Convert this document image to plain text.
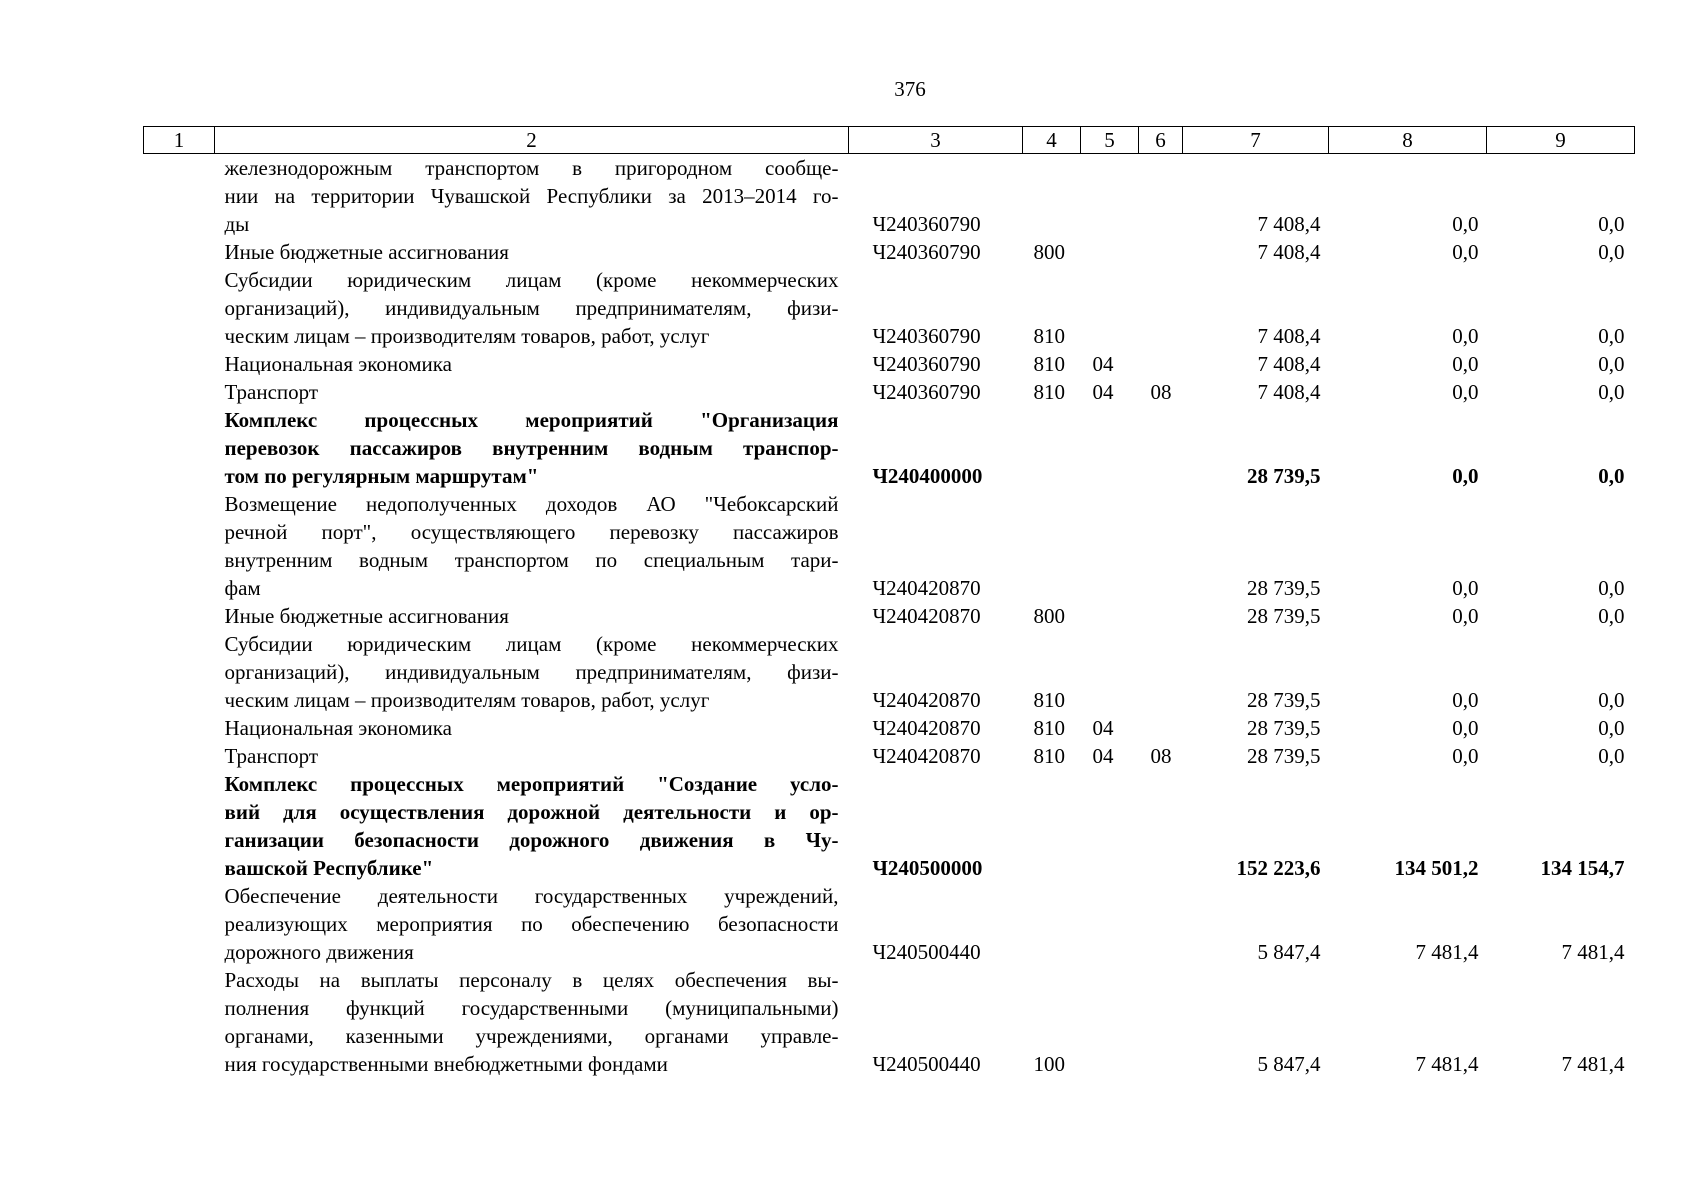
376
1	2	3	4	5	6	7	8	9

	железнодорожным транспортом в пригородном сообще-
нии на территории Чувашской Республики за 2013–2014 го-
ды	Ч240360790				7 408,4	0,0	0,0

	Иные бюджетные ассигнования	Ч240360790	800			7 408,4	0,0	0,0

	Субсидии юридическим лицам (кроме некоммерческих
организаций), индивидуальным предпринимателям, физи-
ческим лицам – производителям товаров, работ, услуг	Ч240360790	810			7 408,4	0,0	0,0

	Национальная экономика	Ч240360790	810	04		7 408,4	0,0	0,0

	Транспорт	Ч240360790	810	04	08	7 408,4	0,0	0,0

	Комплекс процессных мероприятий "Организация
перевозок пассажиров внутренним водным транспор-
том по регулярным маршрутам"	Ч240400000				28 739,5	0,0	0,0

	Возмещение недополученных доходов АО "Чебоксарский
речной порт", осуществляющего перевозку пассажиров
внутренним водным транспортом по специальным тари-
фам	Ч240420870				28 739,5	0,0	0,0

	Иные бюджетные ассигнования	Ч240420870	800			28 739,5	0,0	0,0

	Субсидии юридическим лицам (кроме некоммерческих
организаций), индивидуальным предпринимателям, физи-
ческим лицам – производителям товаров, работ, услуг	Ч240420870	810			28 739,5	0,0	0,0

	Национальная экономика	Ч240420870	810	04		28 739,5	0,0	0,0

	Транспорт	Ч240420870	810	04	08	28 739,5	0,0	0,0

	Комплекс процессных мероприятий "Создание усло-
вий для осуществления дорожной деятельности и ор-
ганизации безопасности дорожного движения в Чу-
вашской Республике"	Ч240500000				152 223,6	134 501,2	134 154,7

	Обеспечение деятельности государственных учреждений,
реализующих мероприятия по обеспечению безопасности
дорожного движения	Ч240500440				5 847,4	7 481,4	7 481,4

	Расходы на выплаты персоналу в целях обеспечения вы-
полнения функций государственными (муниципальными)
органами, казенными учреждениями, органами управле-
ния государственными внебюджетными фондами	Ч240500440	100			5 847,4	7 481,4	7 481,4
